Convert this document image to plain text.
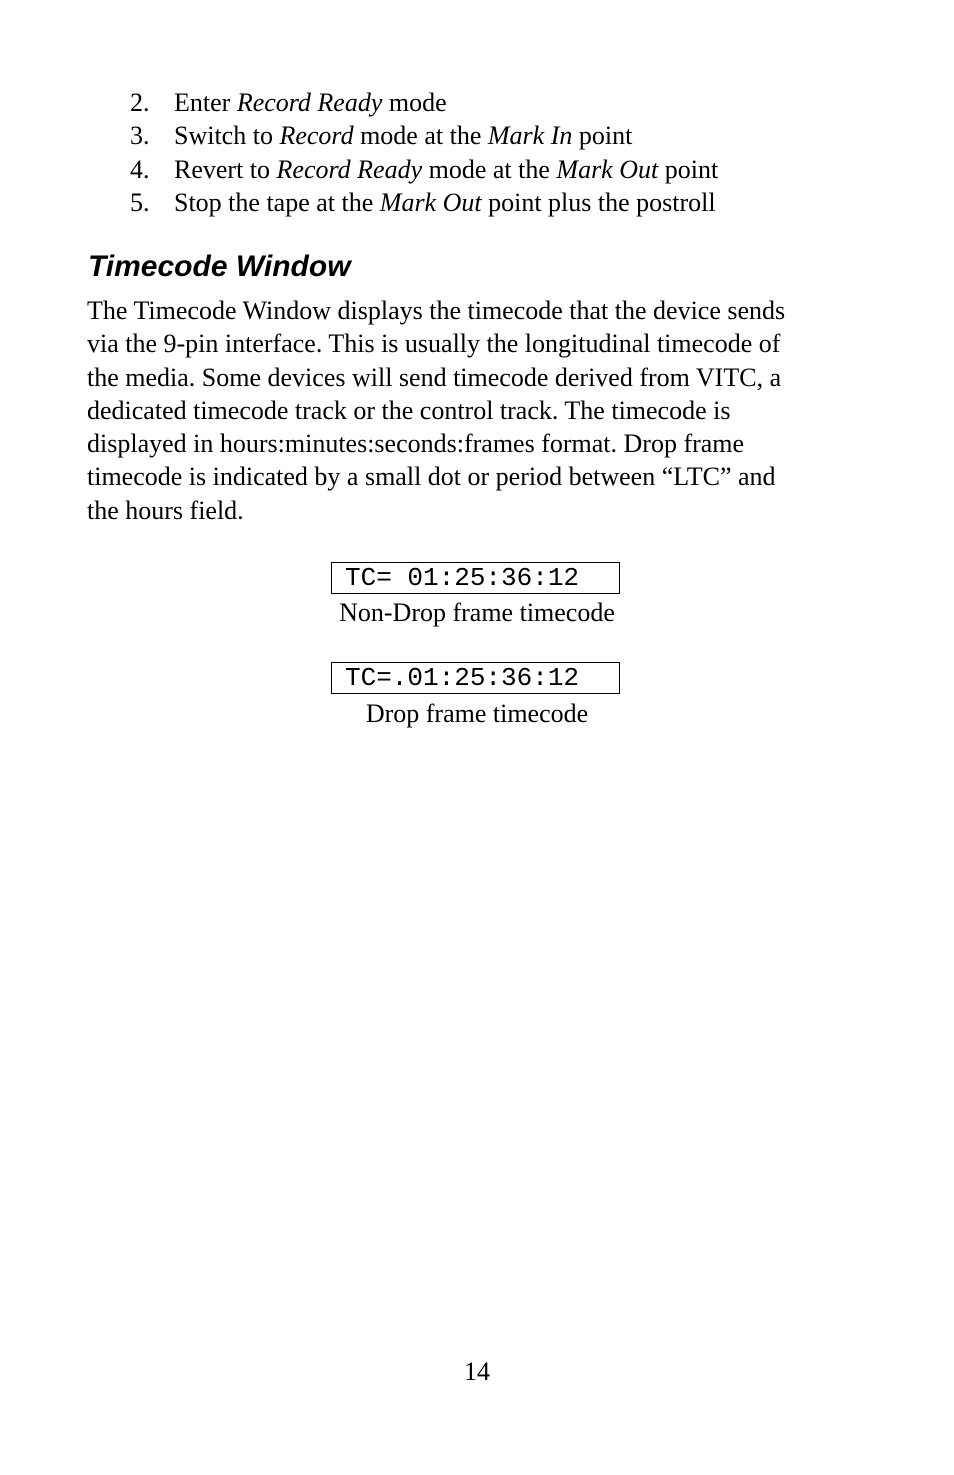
2. Enter Record Ready mode
3. Switch to Record mode at the Mark In point
4. Revert to Record Ready mode at the Mark Out point
5. Stop the tape at the Mark Out point plus the postroll
Timecode Window

The Timecode Window displays the timecode that the device sends
via the 9-pin interface. This is usually the longitudinal timecode of
the media. Some devices will send timecode derived from VITC, a
dedicated timecode track or the control track. The timecode is
displayed in hours:minutes:seconds:frames format. Drop frame
timecode is indicated by a small dot or period between “LTC” and
the hours field.

TC= 01:25:36:12
Non-Drop frame timecode
TC=.01:25:36:12
Drop frame timecode
14
